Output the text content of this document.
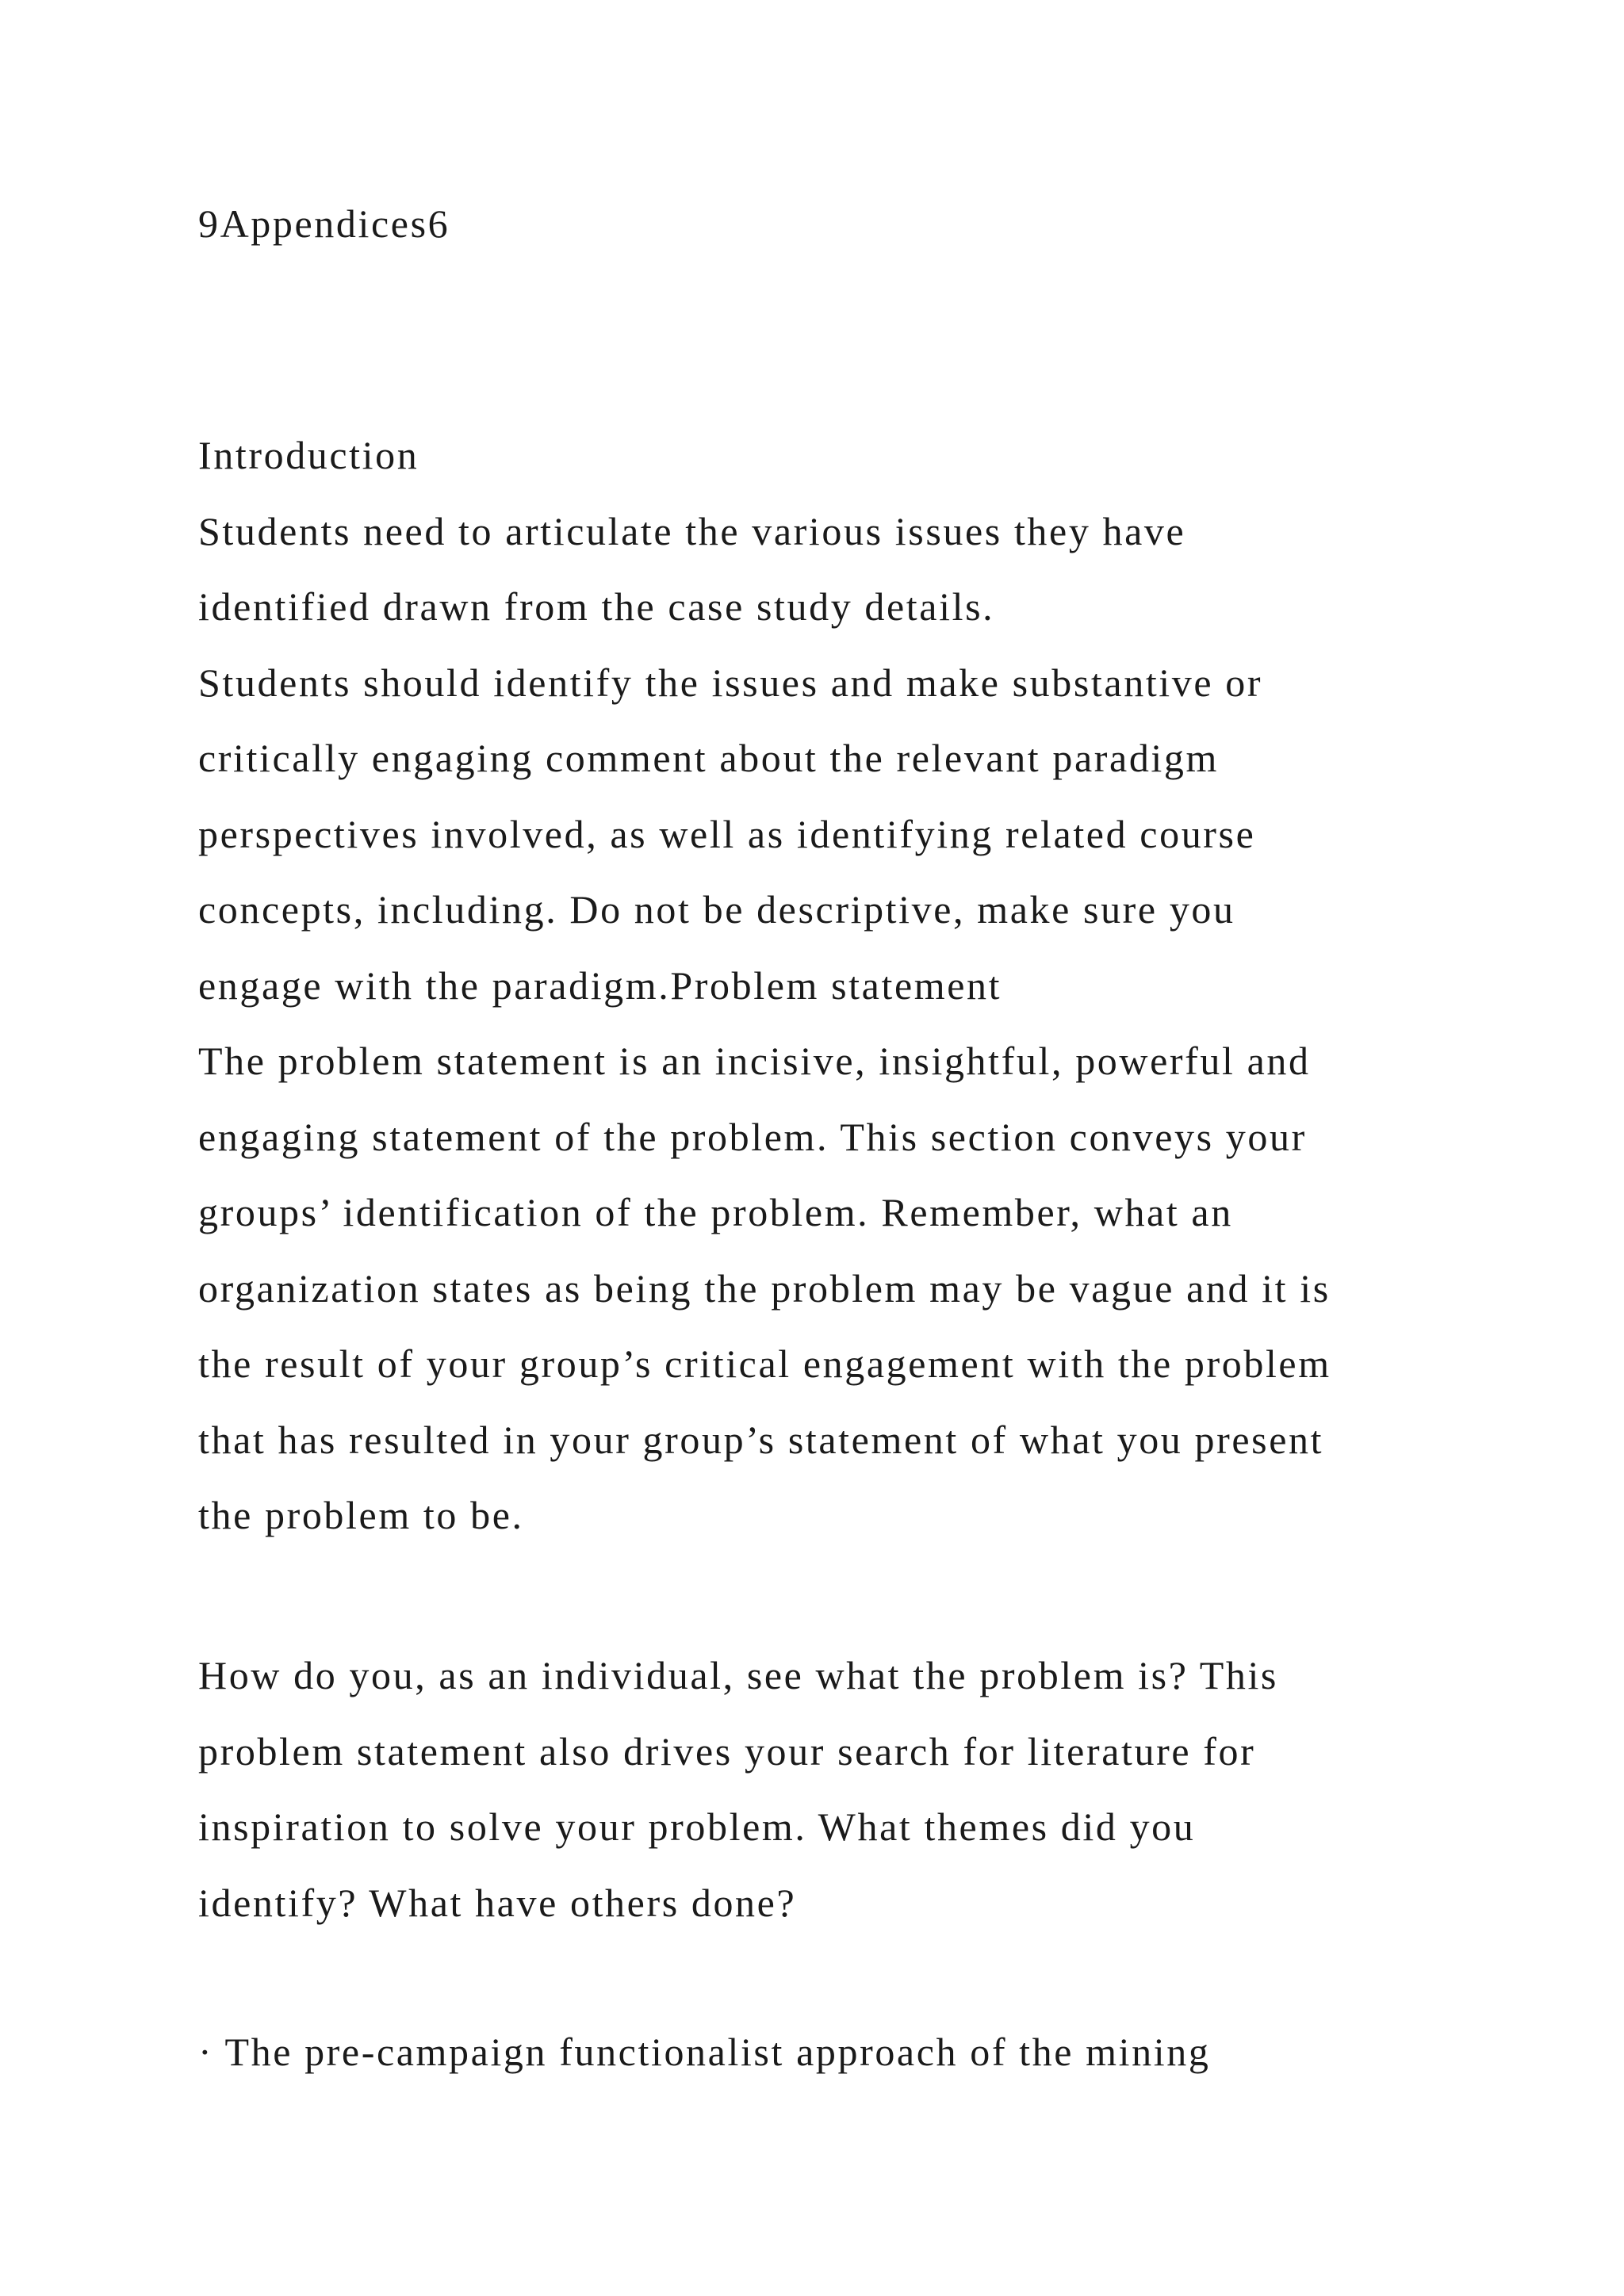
9Appendices6
Introduction
Students need to articulate the various issues they have
identified drawn from the case study details.
Students should identify the issues and make substantive or
critically engaging comment about the relevant paradigm
perspectives involved, as well as identifying related course
concepts, including. Do not be descriptive, make sure you
engage with the paradigm.Problem statement
The problem statement is an incisive, insightful, powerful and
engaging statement of the problem. This section conveys your
groups’ identification of the problem. Remember, what an
organization states as being the problem may be vague and it is
the result of your group’s critical engagement with the problem
that has resulted in your group’s statement of what you present
the problem to be.
How do you, as an individual, see what the problem is? This
problem statement also drives your search for literature for
inspiration to solve your problem. What themes did you
identify? What have others done?
· The pre-campaign functionalist approach of the mining
